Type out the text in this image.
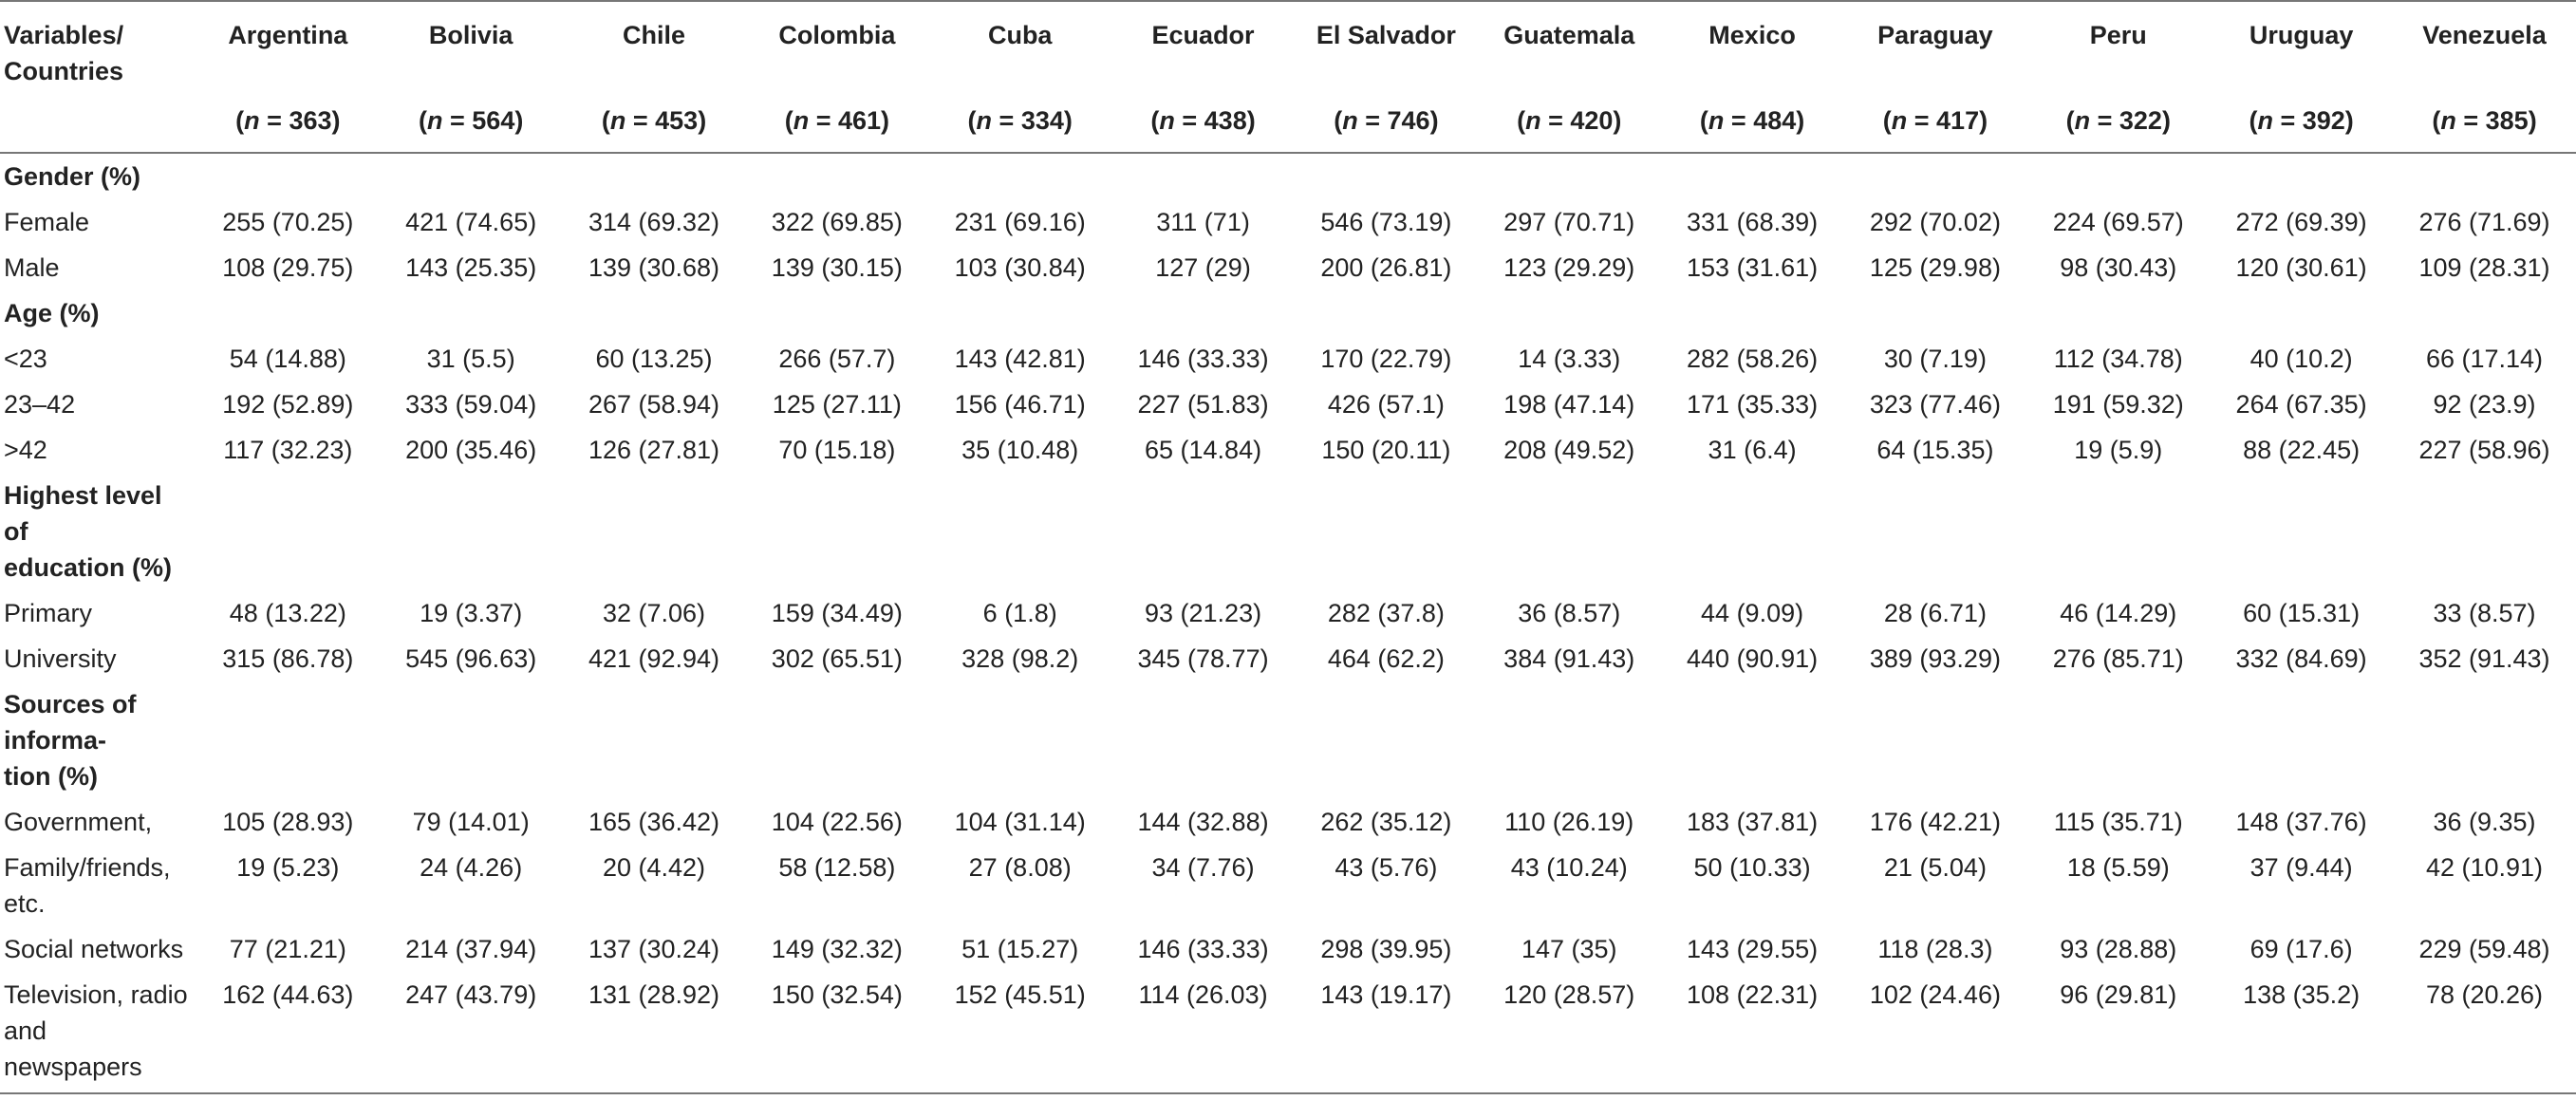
Variables/
Countries	Argentina	Bolivia	Chile	Colombia	Cuba	Ecuador	El Salvador	Guatemala	Mexico	Paraguay	Peru	Uruguay	Venezuela
	(n = 363)	(n = 564)	(n = 453)	(n = 461)	(n = 334)	(n = 438)	(n = 746)	(n = 420)	(n = 484)	(n = 417)	(n = 322)	(n = 392)	(n = 385)
Gender (%)													
Female	255 (70.25)	421 (74.65)	314 (69.32)	322 (69.85)	231 (69.16)	311 (71)	546 (73.19)	297 (70.71)	331 (68.39)	292 (70.02)	224 (69.57)	272 (69.39)	276 (71.69)
Male	108 (29.75)	143 (25.35)	139 (30.68)	139 (30.15)	103 (30.84)	127 (29)	200 (26.81)	123 (29.29)	153 (31.61)	125 (29.98)	98 (30.43)	120 (30.61)	109 (28.31)
Age (%)													
<23	54 (14.88)	31 (5.5)	60 (13.25)	266 (57.7)	143 (42.81)	146 (33.33)	170 (22.79)	14 (3.33)	282 (58.26)	30 (7.19)	112 (34.78)	40 (10.2)	66 (17.14)
23–42	192 (52.89)	333 (59.04)	267 (58.94)	125 (27.11)	156 (46.71)	227 (51.83)	426 (57.1)	198 (47.14)	171 (35.33)	323 (77.46)	191 (59.32)	264 (67.35)	92 (23.9)
>42	117 (32.23)	200 (35.46)	126 (27.81)	70 (15.18)	35 (10.48)	65 (14.84)	150 (20.11)	208 (49.52)	31 (6.4)	64 (15.35)	19 (5.9)	88 (22.45)	227 (58.96)
Highest level
of
education (%)													
Primary	48 (13.22)	19 (3.37)	32 (7.06)	159 (34.49)	6 (1.8)	93 (21.23)	282 (37.8)	36 (8.57)	44 (9.09)	28 (6.71)	46 (14.29)	60 (15.31)	33 (8.57)
University	315 (86.78)	545 (96.63)	421 (92.94)	302 (65.51)	328 (98.2)	345 (78.77)	464 (62.2)	384 (91.43)	440 (90.91)	389 (93.29)	276 (85.71)	332 (84.69)	352 (91.43)
Sources of
informa-
tion (%)													
Government,	105 (28.93)	79 (14.01)	165 (36.42)	104 (22.56)	104 (31.14)	144 (32.88)	262 (35.12)	110 (26.19)	183 (37.81)	176 (42.21)	115 (35.71)	148 (37.76)	36 (9.35)
Family/friends,
etc.	19 (5.23)	24 (4.26)	20 (4.42)	58 (12.58)	27 (8.08)	34 (7.76)	43 (5.76)	43 (10.24)	50 (10.33)	21 (5.04)	18 (5.59)	37 (9.44)	42 (10.91)
Social networks	77 (21.21)	214 (37.94)	137 (30.24)	149 (32.32)	51 (15.27)	146 (33.33)	298 (39.95)	147 (35)	143 (29.55)	118 (28.3)	93 (28.88)	69 (17.6)	229 (59.48)
Television, radio
and
newspapers	162 (44.63)	247 (43.79)	131 (28.92)	150 (32.54)	152 (45.51)	114 (26.03)	143 (19.17)	120 (28.57)	108 (22.31)	102 (24.46)	96 (29.81)	138 (35.2)	78 (20.26)
